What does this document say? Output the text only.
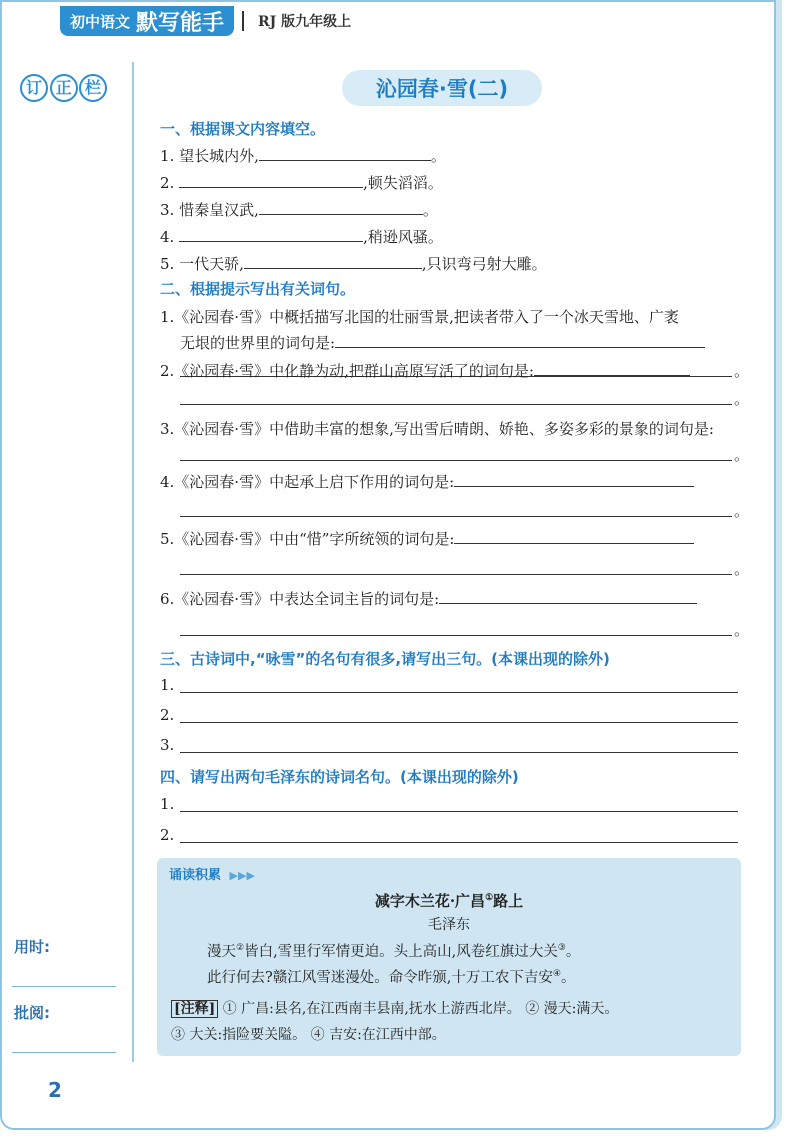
初中语文 默写能手 RJ 版九年级上
订 正 栏
用时:
批阅:
2
沁园春·雪(二)
一、根据课文内容填空。
1. 望长城内外,	。
2.	,顿失滔滔。
3. 惜秦皇汉武,	。
4.	,稍逊风骚。
5. 一代天骄,	,只识弯弓射大雕。
二、根据提示写出有关词句。
1.《沁园春·雪》中概括描写北国的壮丽雪景,把读者带入了一个冰天雪地、广袤
无垠的世界里的词句是:
。
2.《沁园春·雪》中化静为动,把群山高原写活了的词句是:
。
3.《沁园春·雪》中借助丰富的想象,写出雪后晴朗、娇艳、多姿多彩的景象的词句是:
。
4.《沁园春·雪》中起承上启下作用的词句是:
。
5.《沁园春·雪》中由“惜”字所统领的词句是:
。
6.《沁园春·雪》中表达全词主旨的词句是:
。
三、古诗词中,“咏雪”的名句有很多,请写出三句。(本课出现的除外)
1.
2.
3.
四、请写出两句毛泽东的诗词名句。(本课出现的除外)
1.
2.
诵读积累 ▶▶▶
减字木兰花·广昌①路上
毛泽东
漫天②皆白,雪里行军情更迫。头上高山,风卷红旗过大关③。
此行何去?赣江风雪迷漫处。命令昨颁,十万工农下吉安④。
[注释] ① 广昌:县名,在江西南丰县南,抚水上游西北岸。 ② 漫天:满天。
③ 大关:指险要关隘。 ④ 吉安:在江西中部。
